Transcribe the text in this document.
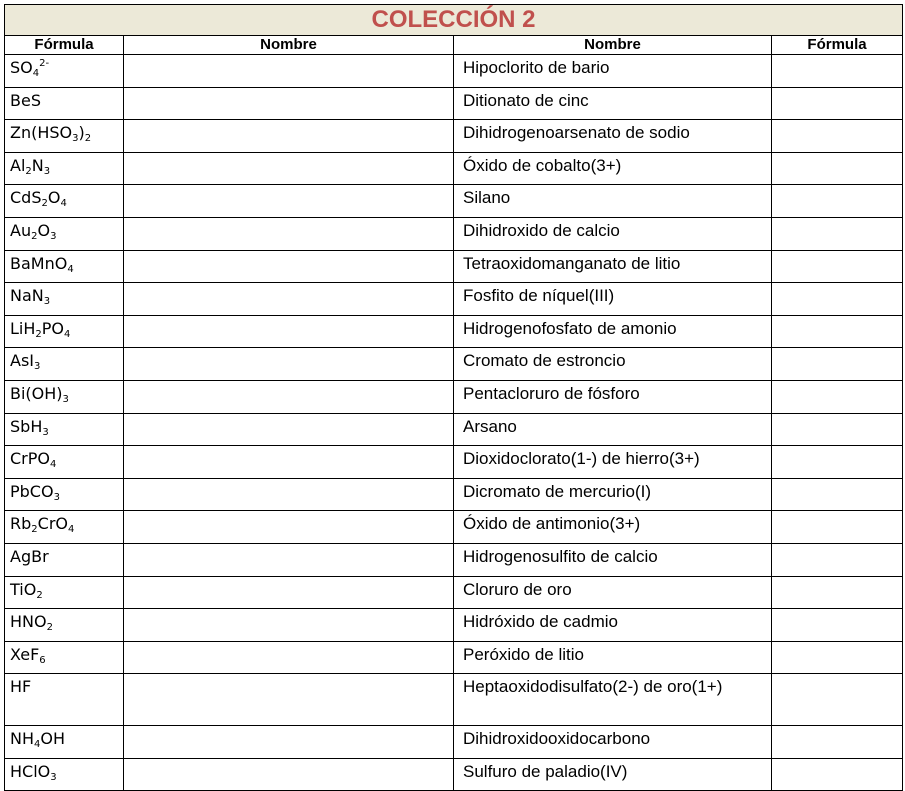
COLECCIÓN 2			
Fórmula	Nombre	Nombre	Fórmula
$SO_4^{2-}$		Hipoclorito de bario	
BeS		Ditionato de cinc	
$Zn(HSO_3)_2$		Dihidrogenoarsenato de sodio	
$Al_2N_3$		Óxido de cobalto(3+)	
$CdS_2O_4$		Silano	
$Au_2O_3$		Dihidroxido de calcio	
BaMnO$_4$		Tetraoxidomanganato de litio	
NaN$_3$		Fosfito de níquel(III)	
$LiH_2PO_4$		Hidrogenofosfato de amonio	
AsI$_3$		Cromato de estroncio	
$Bi(OH)_3$		Pentacloruro de fósforo	
SbH$_3$		Arsano	
CrPO$_4$		Dioxidoclorato(1-) de hierro(3+)	
PbCO$_3$		Dicromato de mercurio(I)	
$Rb_2CrO_4$		Óxido de antimonio(3+)	
AgBr		Hidrogenosulfito de calcio	
TiO$_2$		Cloruro de oro	
$HNO_2$		Hidróxido de cadmio	
XeF$_6$		Peróxido de litio	
HF		Heptaoxidodisulfato(2-) de oro(1+)	
$NH_4OH$		Dihidroxidooxidocarbono	
HClO$_3$		Sulfuro de paladio(IV)	
